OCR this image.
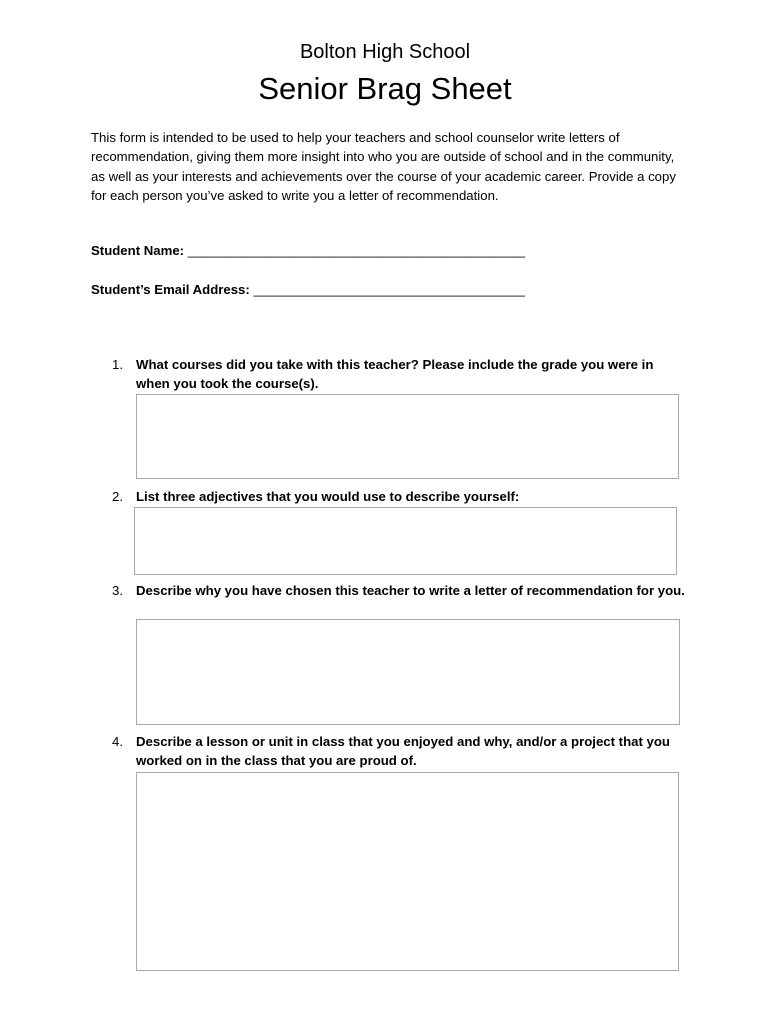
Bolton High School
Senior Brag Sheet
This form is intended to be used to help your teachers and school counselor write letters of recommendation, giving them more insight into who you are outside of school and in the community, as well as your interests and achievements over the course of your academic career. Provide a copy for each person you’ve asked to write you a letter of recommendation.
Student Name: ______________________________________________
Student’s Email Address: _____________________________________
1. What courses did you take with this teacher? Please include the grade you were in when you took the course(s).
2. List three adjectives that you would use to describe yourself:
3. Describe why you have chosen this teacher to write a letter of recommendation for you.
4. Describe a lesson or unit in class that you enjoyed and why, and/or a project that you worked on in the class that you are proud of.
